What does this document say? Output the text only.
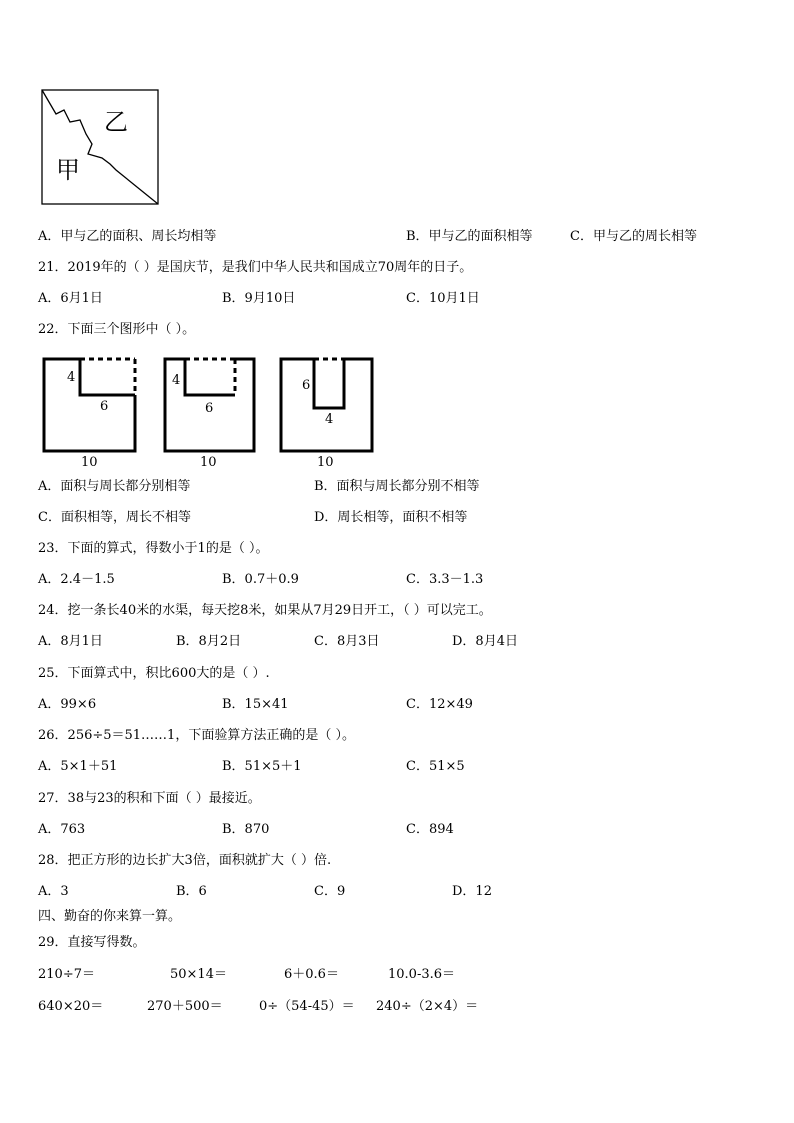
乙
甲
A．甲与乙的面积、周长均相等	B．甲与乙的面积相等	C．甲与乙的周长相等
21．2019年的（ ）是国庆节，是我们中华人民共和国成立70周年的日子。
A．6月1日	B．9月10日	C．10月1日
22．下面三个图形中（ ）。
4
6
10
4
6
10
6
4
10
A．面积与周长都分别相等	B．面积与周长都分别不相等
C．面积相等，周长不相等	D．周长相等，面积不相等
23．下面的算式，得数小于1的是（ ）。
A．2.4－1.5	B．0.7＋0.9	C．3.3－1.3
24．挖一条长40米的水渠，每天挖8米，如果从7月29日开工，（ ）可以完工。
A．8月1日	B．8月2日	C．8月3日	D．8月4日
25．下面算式中，积比600大的是（ ）.
A．99×6	B．15×41	C．12×49
26．256÷5＝51……1，下面验算方法正确的是（ ）。
A．5×1＋51	B．51×5＋1	C．51×5
27．38与23的积和下面（ ）最接近。
A．763	B．870	C．894
28．把正方形的边长扩大3倍，面积就扩大（ ）倍.
A．3	B．6	C．9	D．12
四、勤奋的你来算一算。
29．直接写得数。
210÷7＝	50×14＝	6＋0.6＝	10.0-3.6＝
640×20＝	270＋500＝	0÷（54-45）＝ 240÷（2×4）＝
